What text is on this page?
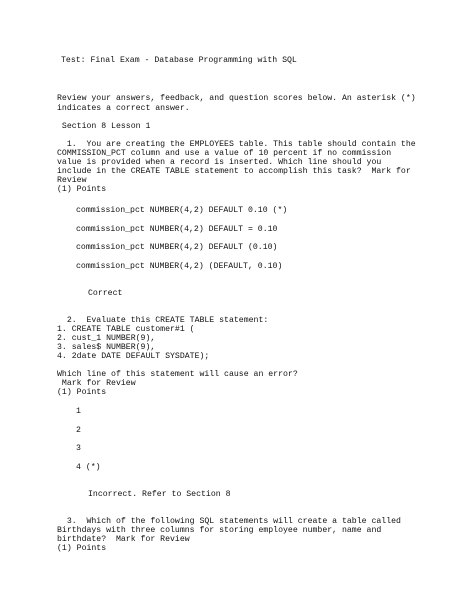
Test: Final Exam - Database Programming with SQL
Review your answers, feedback, and question scores below. An asterisk (*)
indicates a correct answer.
Section 8 Lesson 1
1.  You are creating the EMPLOYEES table. This table should contain the
COMMISSION_PCT column and use a value of 10 percent if no commission
value is provided when a record is inserted. Which line should you
include in the CREATE TABLE statement to accomplish this task?  Mark for
Review
(1) Points
commission_pct NUMBER(4,2) DEFAULT 0.10 (*)
commission_pct NUMBER(4,2) DEFAULT = 0.10
commission_pct NUMBER(4,2) DEFAULT (0.10)
commission_pct NUMBER(4,2) (DEFAULT, 0.10)
Correct
2.  Evaluate this CREATE TABLE statement:
1. CREATE TABLE customer#1 (
2. cust_1 NUMBER(9),
3. sales$ NUMBER(9),
4. 2date DATE DEFAULT SYSDATE);
Which line of this statement will cause an error?
Mark for Review
(1) Points
1
2
3
4 (*)
Incorrect. Refer to Section 8
3.  Which of the following SQL statements will create a table called
Birthdays with three columns for storing employee number, name and
birthdate?  Mark for Review
(1) Points
